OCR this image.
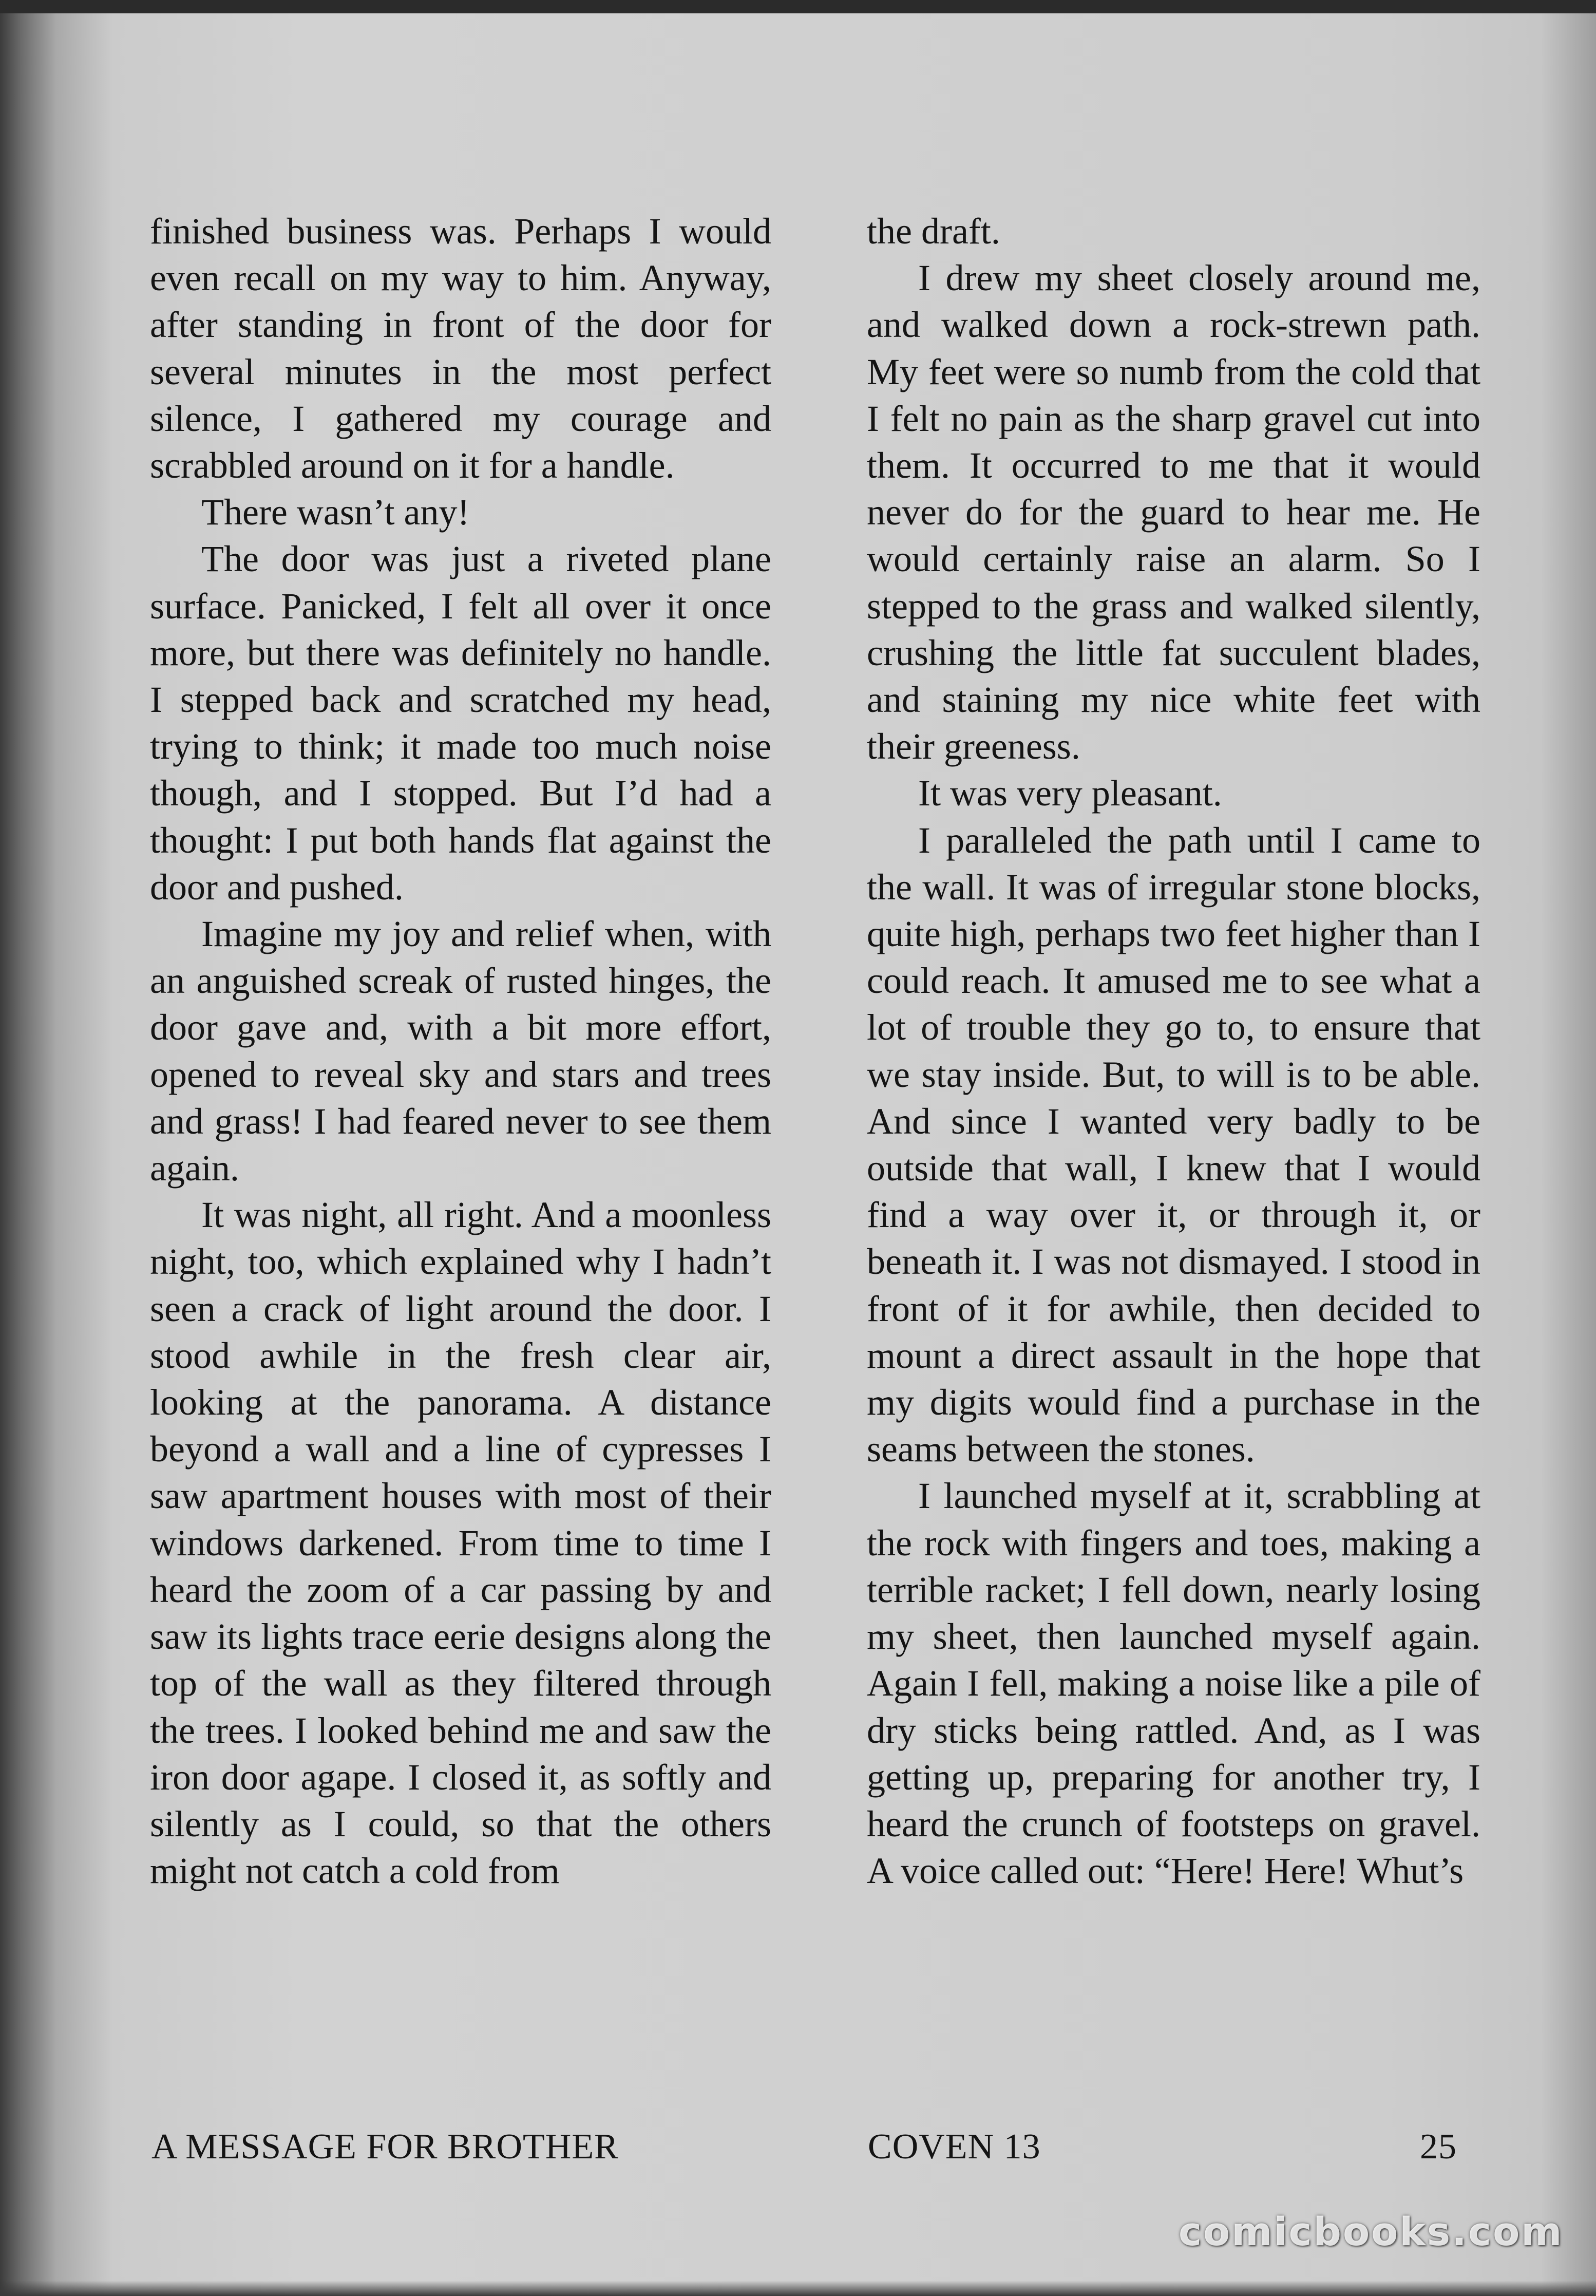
finished business was. Perhaps I would even recall on my way to him. Anyway, after standing in front of the door for several minutes in the most perfect silence, I gathered my courage and scrabbled around on it for a handle.

There wasn’t any!

The door was just a riveted plane surface. Panicked, I felt all over it once more, but there was definitely no handle. I stepped back and scratched my head, trying to think; it made too much noise though, and I stopped. But I’d had a thought: I put both hands flat against the door and pushed.

Imagine my joy and relief when, with an anguished screak of rusted hinges, the door gave and, with a bit more effort, opened to reveal sky and stars and trees and grass! I had feared never to see them again.

It was night, all right. And a moonless night, too, which explained why I hadn’t seen a crack of light around the door. I stood awhile in the fresh clear air, looking at the panorama. A distance beyond a wall and a line of cypresses I saw apartment houses with most of their windows darkened. From time to time I heard the zoom of a car passing by and saw its lights trace eerie designs along the top of the wall as they filtered through the trees. I looked behind me and saw the iron door agape. I closed it, as softly and silently as I could, so that the others might not catch a cold from

the draft.

I drew my sheet closely around me, and walked down a rock-strewn path. My feet were so numb from the cold that I felt no pain as the sharp gravel cut into them. It occurred to me that it would never do for the guard to hear me. He would certainly raise an alarm. So I stepped to the grass and walked silently, crushing the little fat succulent blades, and staining my nice white feet with their greeness.

It was very pleasant.

I paralleled the path until I came to the wall. It was of irregular stone blocks, quite high, perhaps two feet higher than I could reach. It amused me to see what a lot of trouble they go to, to ensure that we stay inside. But, to will is to be able. And since I wanted very badly to be outside that wall, I knew that I would find a way over it, or through it, or beneath it. I was not dismayed. I stood in front of it for awhile, then decided to mount a direct assault in the hope that my digits would find a purchase in the seams between the stones.

I launched myself at it, scrabbling at the rock with fingers and toes, making a terrible racket; I fell down, nearly losing my sheet, then launched myself again. Again I fell, making a noise like a pile of dry sticks being rattled. And, as I was getting up, preparing for another try, I heard the crunch of footsteps on gravel. A voice called out: “Here! Here! Whut’s

A MESSAGE FOR BROTHER	COVEN 13	25
comicbooks.com
